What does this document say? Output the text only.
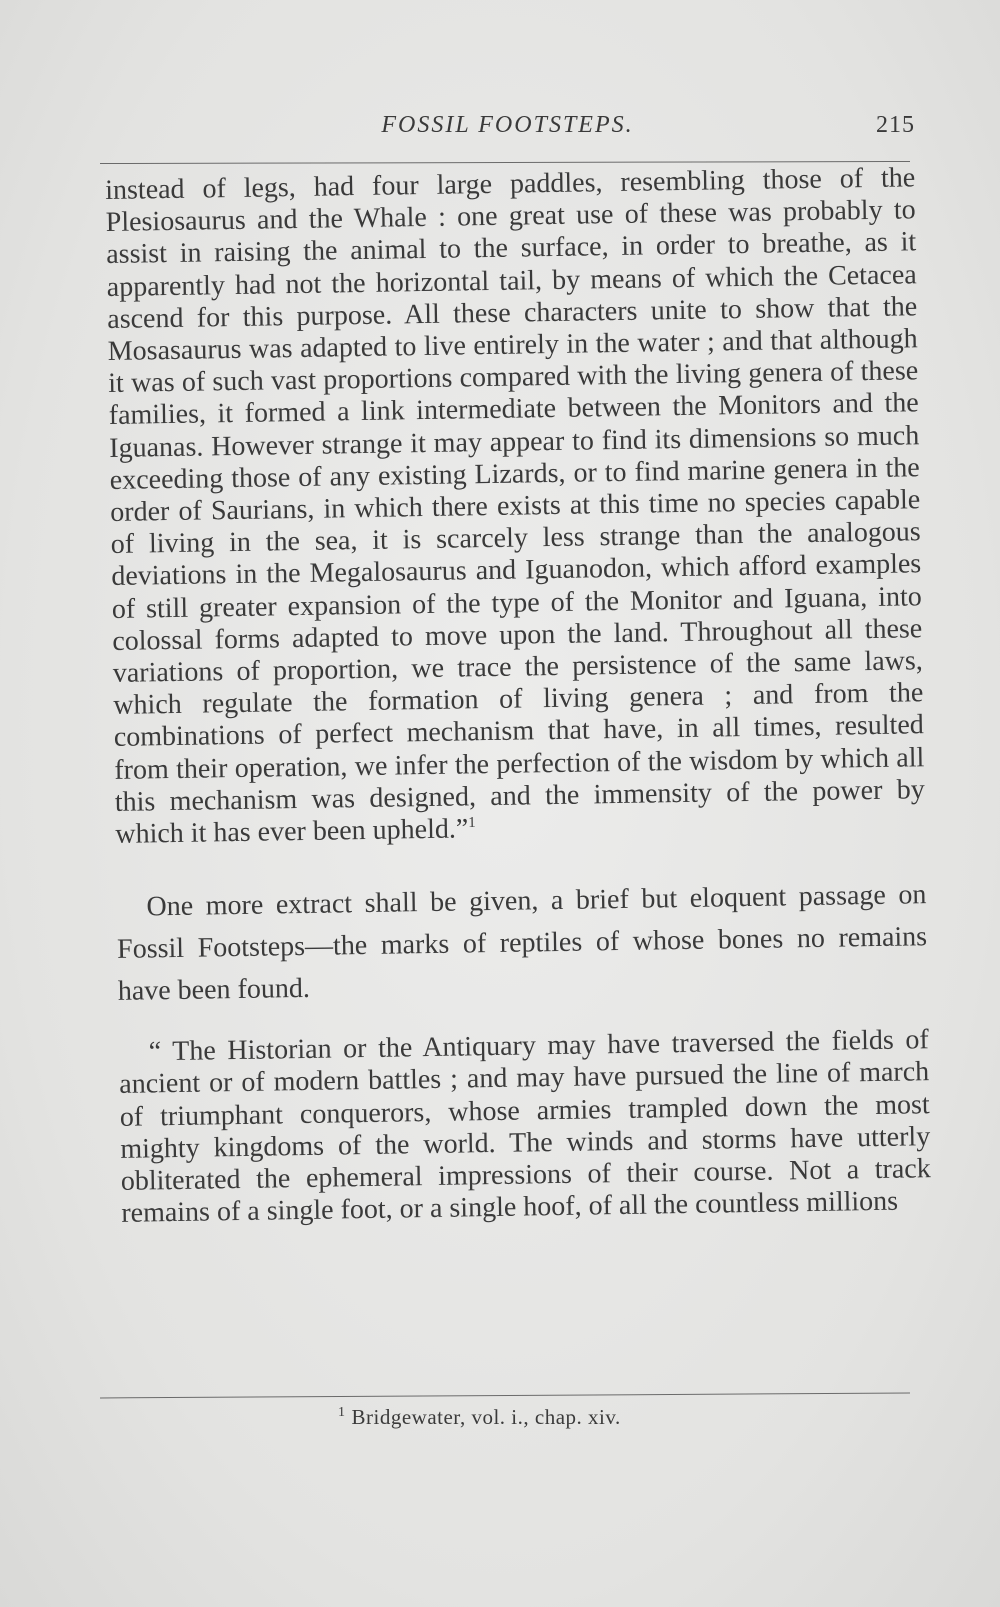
FOSSIL FOOTSTEPS.	215

instead of legs, had four large paddles, resembling those of the Plesiosaurus and the Whale : one great use of these was probably to assist in raising the animal to the surface, in order to breathe, as it apparently had not the horizontal tail, by means of which the Cetacea ascend for this purpose. All these characters unite to show that the Mosasaurus was adapted to live entirely in the water ; and that although it was of such vast proportions compared with the living genera of these families, it formed a link intermediate between the Monitors and the Iguanas. However strange it may appear to find its dimensions so much exceeding those of any existing Lizards, or to find marine genera in the order of Saurians, in which there exists at this time no species capable of living in the sea, it is scarcely less strange than the analogous deviations in the Megalosaurus and Iguanodon, which afford examples of still greater expansion of the type of the Monitor and Iguana, into colossal forms adapted to move upon the land. Throughout all these variations of proportion, we trace the persistence of the same laws, which regulate the formation of living genera ; and from the combinations of perfect mechanism that have, in all times, resulted from their operation, we infer the perfection of the wisdom by which all this mechanism was designed, and the immensity of the power by which it has ever been upheld.”$^1$

One more extract shall be given, a brief but eloquent passage on Fossil Footsteps—the marks of reptiles of whose bones no remains have been found.

“ The Historian or the Antiquary may have traversed the fields of ancient or of modern battles ; and may have pursued the line of march of triumphant conquerors, whose armies trampled down the most mighty kingdoms of the world. The winds and storms have utterly obliterated the ephemeral impressions of their course. Not a track remains of a single foot, or a single hoof, of all the countless millions

$^1$ Bridgewater, vol. i., chap. xiv.
